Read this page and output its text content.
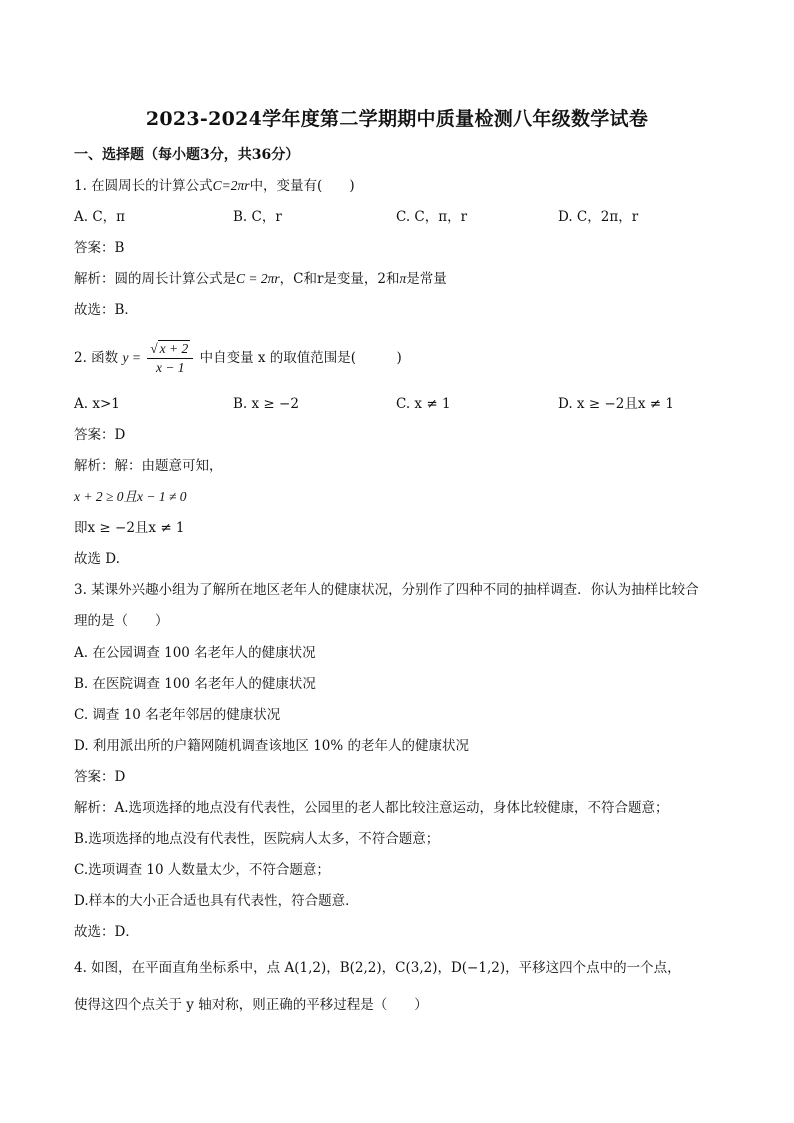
2023-2024学年度第二学期期中质量检测八年级数学试卷
一、选择题（每小题3分，共36分）
1. 在圆周长的计算公式C=2πr中，变量有(　　)
A. C，π	B. C，r	C. C，π，r	D. C，2π，r
答案：B
解析：圆的周长计算公式是C = 2πr，C和r是变量，2和π是常量
故选：B．
2. 函数 $y = \frac{√ x + 2}{x - 1}$ 中自变量 x 的取值范围是(　　　)
A. x>1	B. x ≥ −2	C. x ≠ 1	D. x ≥ −2且x ≠ 1
答案：D
解析：解：由题意可知，
x + 2 ≥ 0且x − 1 ≠ 0
即x ≥ −2且x ≠ 1
故选 D.
3. 某课外兴趣小组为了解所在地区老年人的健康状况，分别作了四种不同的抽样调查．你认为抽样比较合
理的是（　　）
A. 在公园调查 100 名老年人的健康状况
B. 在医院调查 100 名老年人的健康状况
C. 调查 10 名老年邻居的健康状况
D. 利用派出所的户籍网随机调查该地区 10% 的老年人的健康状况
答案：D
解析：A.选项选择的地点没有代表性，公园里的老人都比较注意运动，身体比较健康，不符合题意；
B.选项选择的地点没有代表性，医院病人太多，不符合题意；
C.选项调查 10 人数量太少，不符合题意；
D.样本的大小正合适也具有代表性，符合题意．
故选：D．
4. 如图，在平面直角坐标系中，点 A(1,2)，B(2,2)，C(3,2)，D(−1,2)，平移这四个点中的一个点，
使得这四个点关于 y 轴对称，则正确的平移过程是（　　）
